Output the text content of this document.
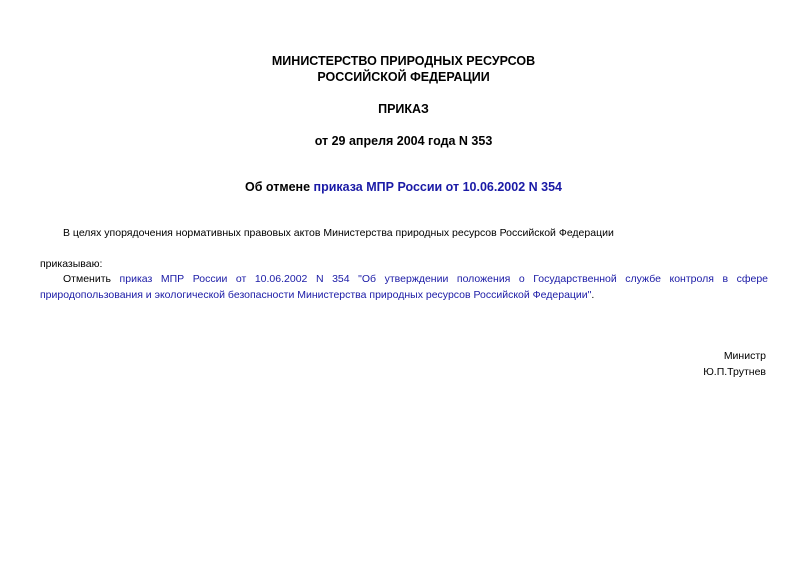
МИНИСТЕРСТВО ПРИРОДНЫХ РЕСУРСОВ
РОССИЙСКОЙ ФЕДЕРАЦИИ
ПРИКАЗ
от 29 апреля 2004 года N 353
Об отмене приказа МПР России от 10.06.2002 N 354
В целях упорядочения нормативных правовых актов Министерства природных ресурсов Российской Федерации
приказываю:
Отменить приказ МПР России от 10.06.2002 N 354 "Об утверждении положения о Государственной службе контроля в сфере природопользования и экологической безопасности Министерства природных ресурсов Российской Федерации".
Министр
Ю.П.Трутнев
